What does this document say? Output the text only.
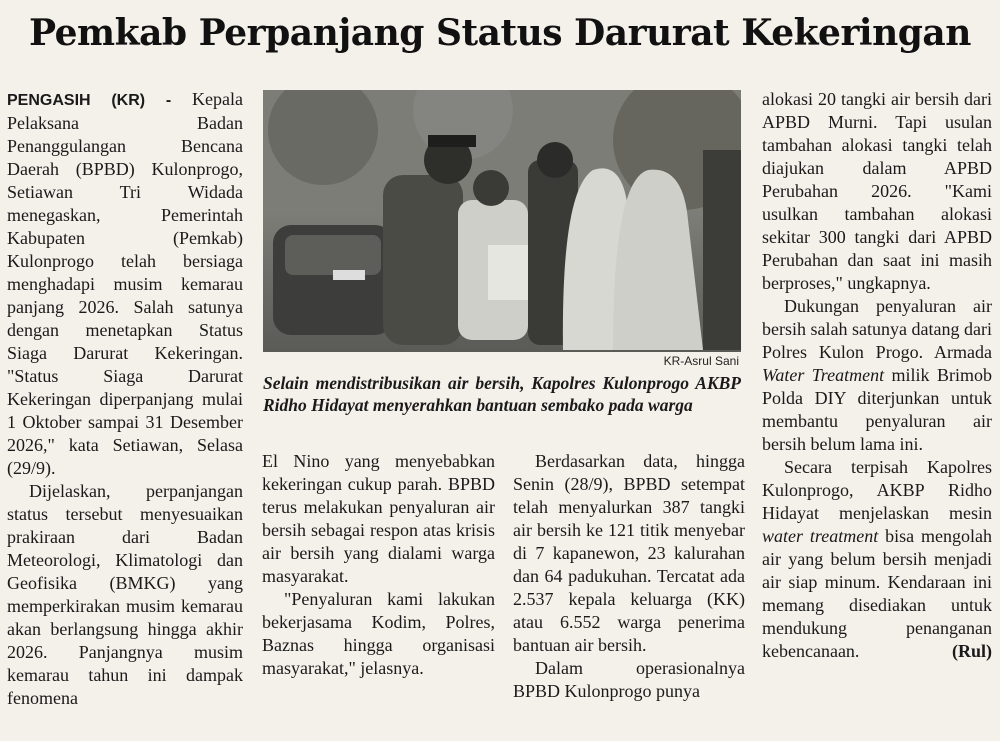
Pemkab Perpanjang Status Darurat Kekeringan

PENGASIH (KR) - Kepala Pelaksana Badan Penanggulangan Bencana Daerah (BPBD) Kulonprogo, Setiawan Tri Widada menegaskan, Pemerintah Kabupaten (Pemkab) Kulonprogo telah bersiaga menghadapi musim kemarau panjang 2026. Salah satunya dengan menetapkan Status Siaga Darurat Kekeringan. "Status Siaga Darurat Kekeringan diperpanjang mulai 1 Oktober sampai 31 Desember 2026," kata Setiawan, Selasa (29/9).

Dijelaskan, perpanjangan status tersebut menyesuaikan prakiraan dari Badan Meteorologi, Klimatologi dan Geofisika (BMKG) yang memperkirakan musim kemarau akan berlangsung hingga akhir 2026. Panjangnya musim kemarau tahun ini dampak fenomena

KR-Asrul Sani
Selain mendistribusikan air bersih, Kapolres Kulonprogo AKBP Ridho Hidayat menyerahkan bantuan sembako pada warga

El Nino yang menyebabkan kekeringan cukup parah. BPBD terus melakukan penyaluran air bersih sebagai respon atas krisis air bersih yang dialami warga masyarakat.

"Penyaluran kami lakukan bekerjasama Kodim, Polres, Baznas hingga organisasi masyarakat," jelasnya.

Berdasarkan data, hingga Senin (28/9), BPBD setempat telah menyalurkan 387 tangki air bersih ke 121 titik menyebar di 7 kapanewon, 23 kalurahan dan 64 padukuhan. Tercatat ada 2.537 kepala keluarga (KK) atau 6.552 warga penerima bantuan air bersih.

Dalam operasionalnya BPBD Kulonprogo punya

alokasi 20 tangki air bersih dari APBD Murni. Tapi usulan tambahan alokasi tangki telah diajukan dalam APBD Perubahan 2026. "Kami usulkan tambahan alokasi sekitar 300 tangki dari APBD Perubahan dan saat ini masih berproses," ungkapnya.

Dukungan penyaluran air bersih salah satunya datang dari Polres Kulon Progo. Armada Water Treatment milik Brimob Polda DIY diterjunkan untuk membantu penyaluran air bersih belum lama ini.

Secara terpisah Kapolres Kulonprogo, AKBP Ridho Hidayat menjelaskan mesin water treatment bisa mengolah air yang belum bersih menjadi air siap minum. Kendaraan ini memang disediakan untuk mendukung penanganan kebencanaan.	(Rul)
